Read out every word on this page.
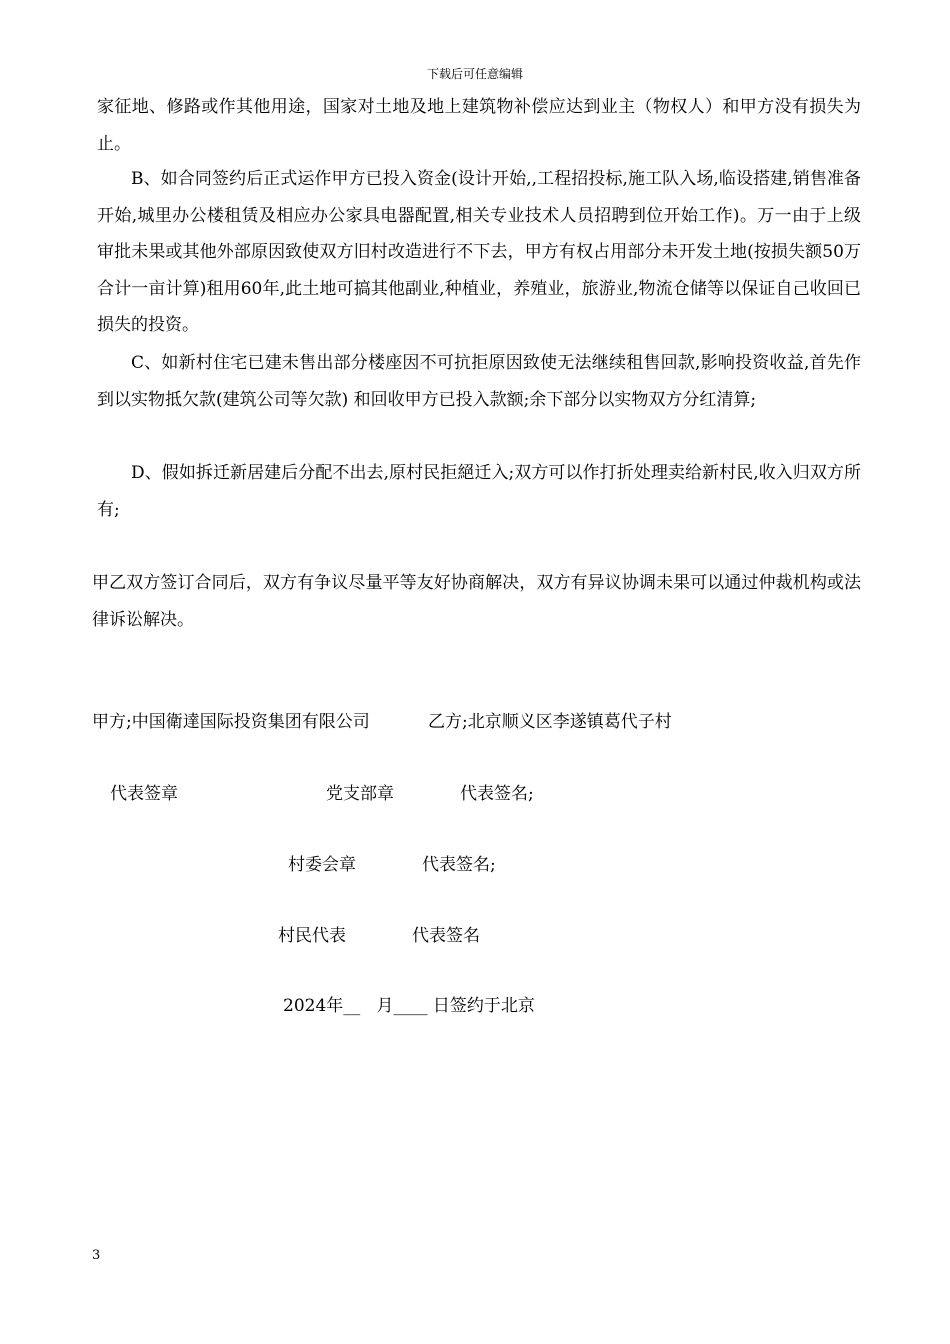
下载后可任意编辑

家征地、修路或作其他用途，国家对土地及地上建筑物补偿应达到业主（物权人）和甲方没有损失为止。

B、如合同签约后正式运作甲方已投入资金(设计开始,,工程招投标,施工队入场,临设搭建,销售准备开始,城里办公楼租赁及相应办公家具电器配置,相关专业技术人员招聘到位开始工作)。万一由于上级审批未果或其他外部原因致使双方旧村改造进行不下去，甲方有权占用部分未开发土地(按损失额50万合计一亩计算)租用60年,此土地可搞其他副业,种植业，养殖业，旅游业,物流仓储等以保证自己收回已损失的投资。

C、如新村住宅已建未售出部分楼座因不可抗拒原因致使无法继续租售回款,影响投资收益,首先作到以实物抵欠款(建筑公司等欠款) 和回收甲方已投入款额;余下部分以实物双方分红清算;

D、假如拆迁新居建后分配不出去,原村民拒絕迁入;双方可以作打折处理卖给新村民,收入归双方所有;

甲乙双方签订合同后，双方有争议尽量平等友好协商解决，双方有异议协调未果可以通过仲裁机构或法律诉讼解决。

甲方;中国衛達国际投资集团有限公司	乙方;北京顺义区李遂镇葛代子村
代表签章	党支部章	代表签名;
村委会章	代表签名;
村民代表	代表签名
2024年__   月____ 日签约于北京
3
